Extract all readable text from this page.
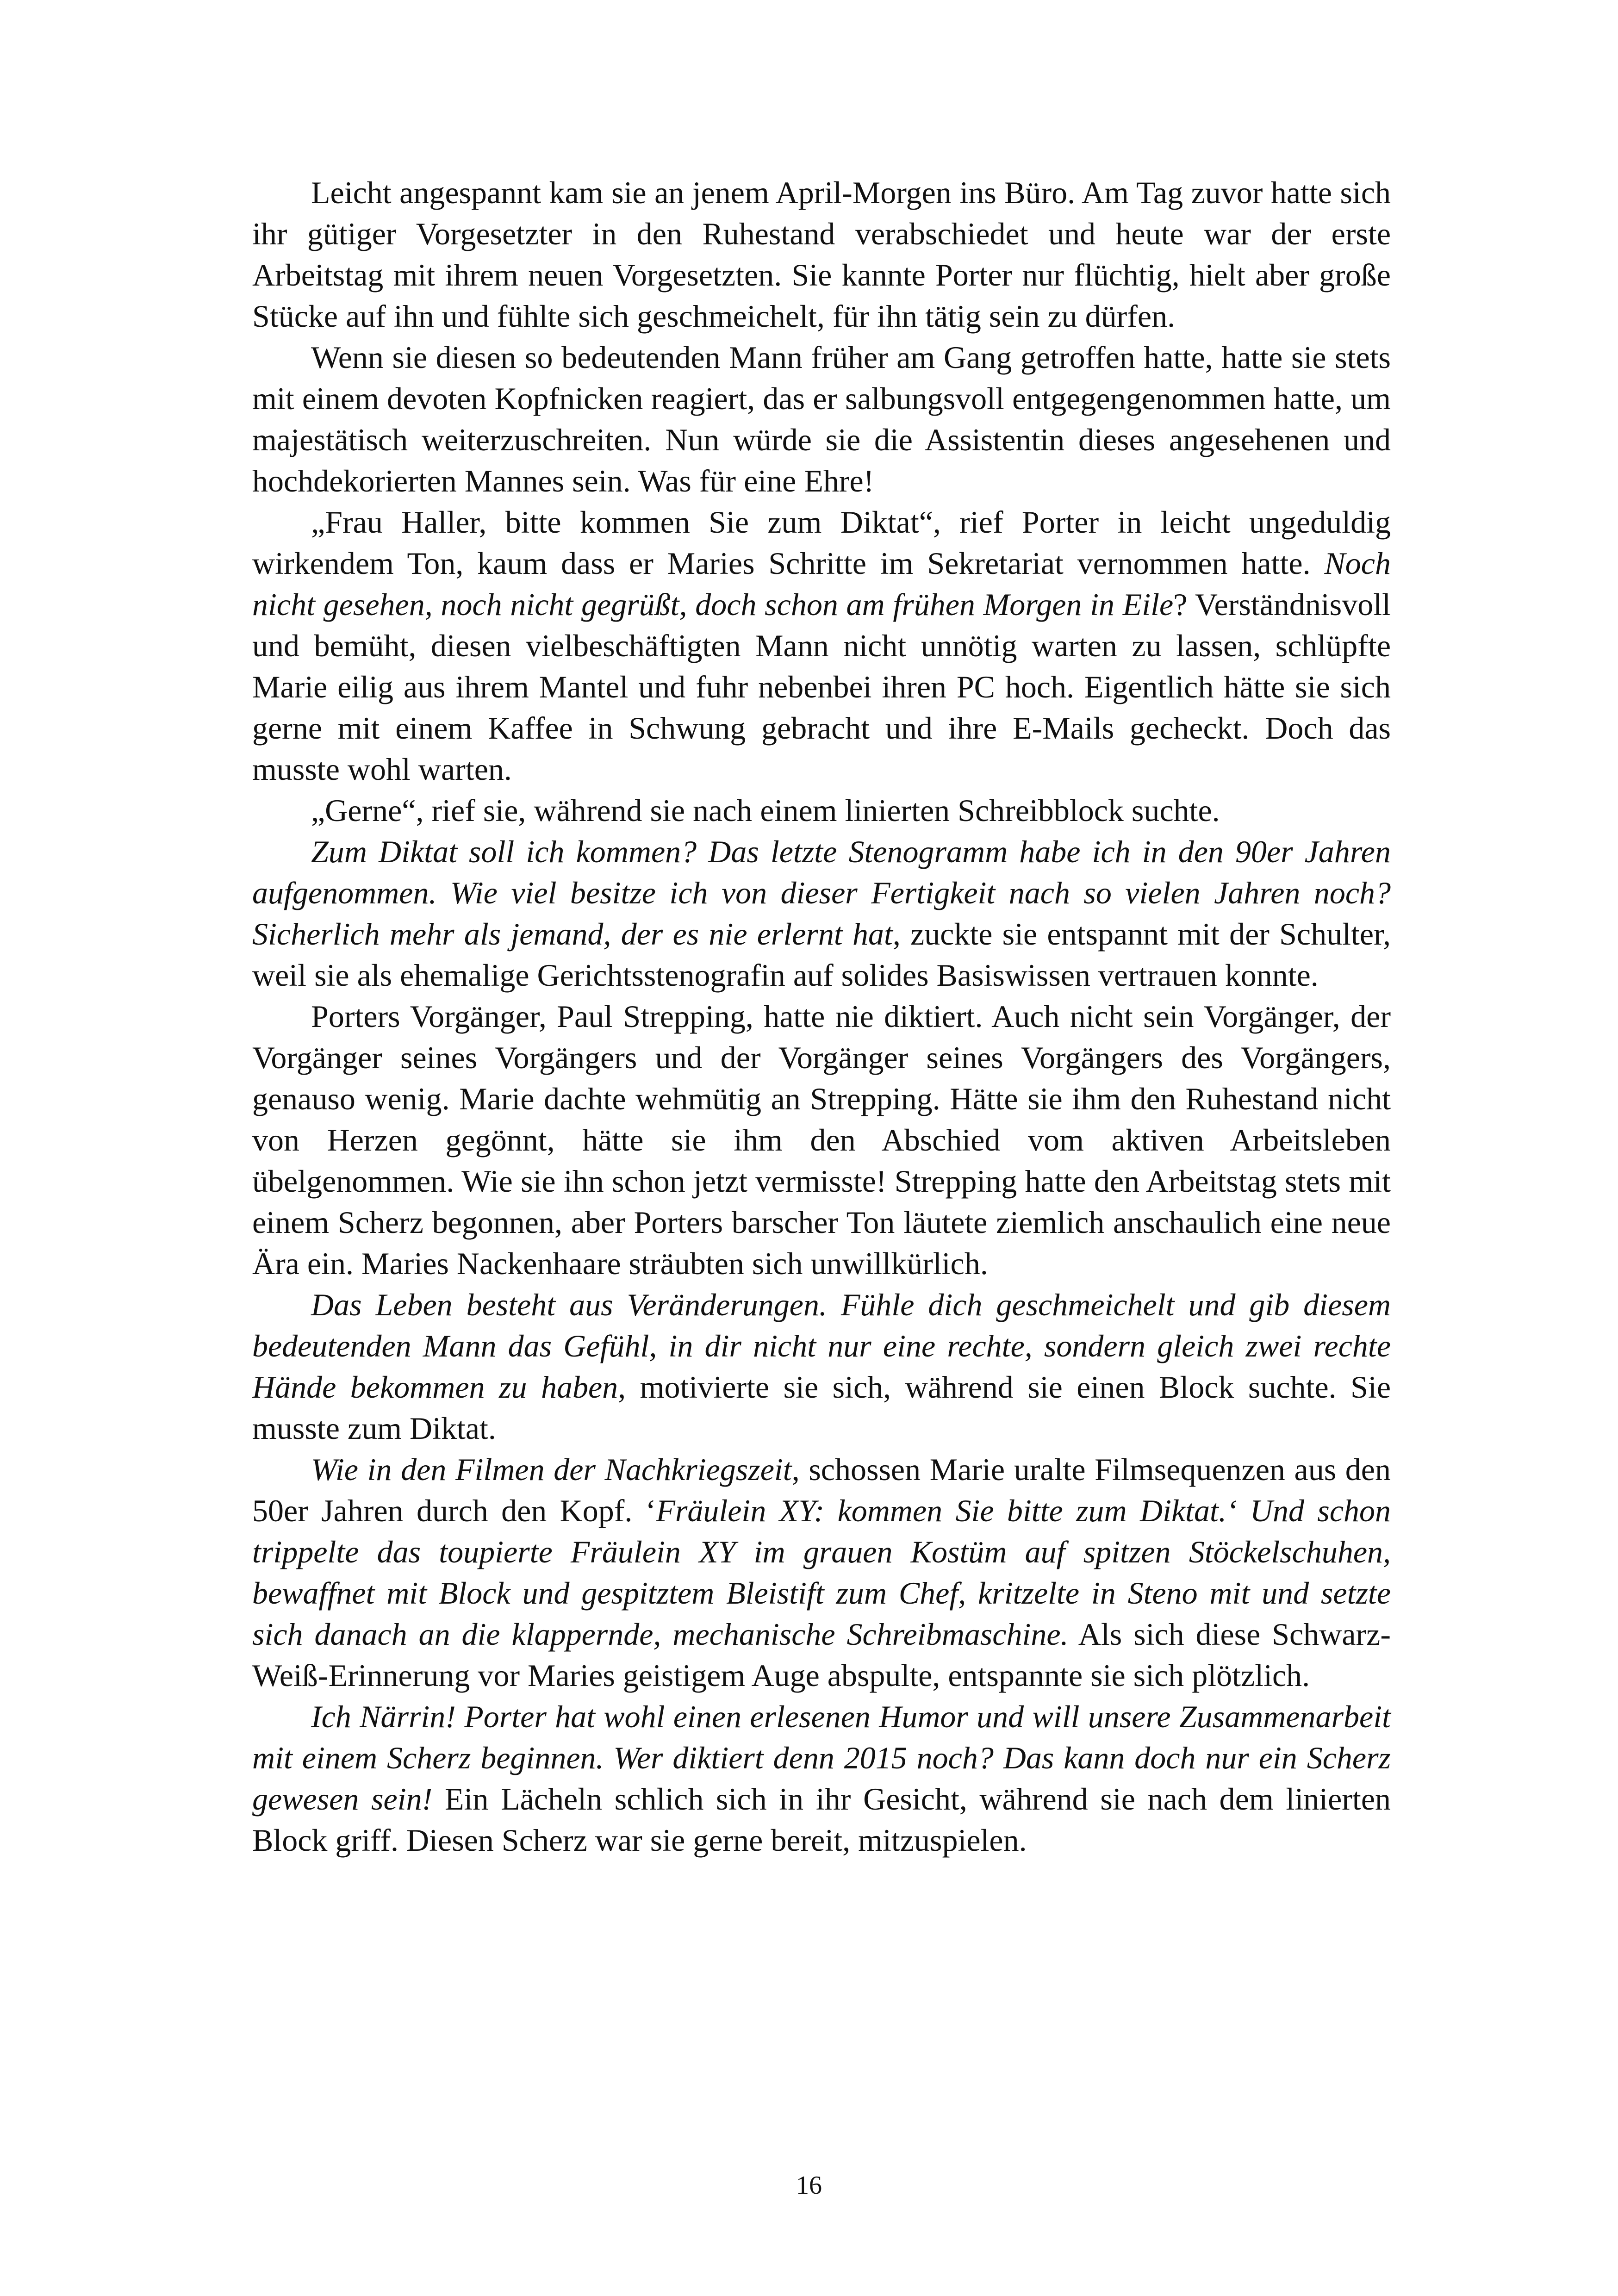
Leicht angespannt kam sie an jenem April-Morgen ins Büro. Am Tag zuvor hatte sich ihr gütiger Vorgesetzter in den Ruhestand verabschiedet und heute war der erste Arbeitstag mit ihrem neuen Vorgesetzten. Sie kannte Porter nur flüchtig, hielt aber große Stücke auf ihn und fühlte sich geschmeichelt, für ihn tätig sein zu dürfen.

Wenn sie diesen so bedeutenden Mann früher am Gang getroffen hatte, hatte sie stets mit einem devoten Kopfnicken reagiert, das er salbungsvoll entgegengenommen hatte, um majestätisch weiterzuschreiten. Nun würde sie die Assistentin dieses angesehenen und hochdekorierten Mannes sein. Was für eine Ehre!

„Frau Haller, bitte kommen Sie zum Diktat“, rief Porter in leicht ungeduldig wirkendem Ton, kaum dass er Maries Schritte im Sekretariat vernommen hatte. Noch nicht gesehen, noch nicht gegrüßt, doch schon am frühen Morgen in Eile? Verständnisvoll und bemüht, diesen vielbeschäftigten Mann nicht unnötig warten zu lassen, schlüpfte Marie eilig aus ihrem Mantel und fuhr nebenbei ihren PC hoch. Eigentlich hätte sie sich gerne mit einem Kaffee in Schwung gebracht und ihre E-Mails gecheckt. Doch das musste wohl warten.

„Gerne“, rief sie, während sie nach einem linierten Schreibblock suchte.

Zum Diktat soll ich kommen? Das letzte Stenogramm habe ich in den 90er Jahren aufgenommen. Wie viel besitze ich von dieser Fertigkeit nach so vielen Jahren noch? Sicherlich mehr als jemand, der es nie erlernt hat, zuckte sie entspannt mit der Schulter, weil sie als ehemalige Gerichtsstenografin auf solides Basiswissen vertrauen konnte.

Porters Vorgänger, Paul Strepping, hatte nie diktiert. Auch nicht sein Vorgänger, der Vorgänger seines Vorgängers und der Vorgänger seines Vorgängers des Vorgängers, genauso wenig. Marie dachte wehmütig an Strepping. Hätte sie ihm den Ruhestand nicht von Herzen gegönnt, hätte sie ihm den Abschied vom aktiven Arbeitsleben übelgenommen. Wie sie ihn schon jetzt vermisste! Strepping hatte den Arbeitstag stets mit einem Scherz begonnen, aber Porters barscher Ton läutete ziemlich anschaulich eine neue Ära ein. Maries Nackenhaare sträubten sich unwillkürlich.

Das Leben besteht aus Veränderungen. Fühle dich geschmeichelt und gib diesem bedeutenden Mann das Gefühl, in dir nicht nur eine rechte, sondern gleich zwei rechte Hände bekommen zu haben, motivierte sie sich, während sie einen Block suchte. Sie musste zum Diktat.

Wie in den Filmen der Nachkriegszeit, schossen Marie uralte Filmsequenzen aus den 50er Jahren durch den Kopf. ‘Fräulein XY: kommen Sie bitte zum Diktat.‘ Und schon trippelte das toupierte Fräulein XY im grauen Kostüm auf spitzen Stöckelschuhen, bewaffnet mit Block und gespitztem Bleistift zum Chef, kritzelte in Steno mit und setzte sich danach an die klappernde, mechanische Schreibmaschine. Als sich diese Schwarz-Weiß-Erinnerung vor Maries geistigem Auge abspulte, entspannte sie sich plötzlich.

Ich Närrin! Porter hat wohl einen erlesenen Humor und will unsere Zusammenarbeit mit einem Scherz beginnen. Wer diktiert denn 2015 noch? Das kann doch nur ein Scherz gewesen sein! Ein Lächeln schlich sich in ihr Gesicht, während sie nach dem linierten Block griff. Diesen Scherz war sie gerne bereit, mitzuspielen.

16
